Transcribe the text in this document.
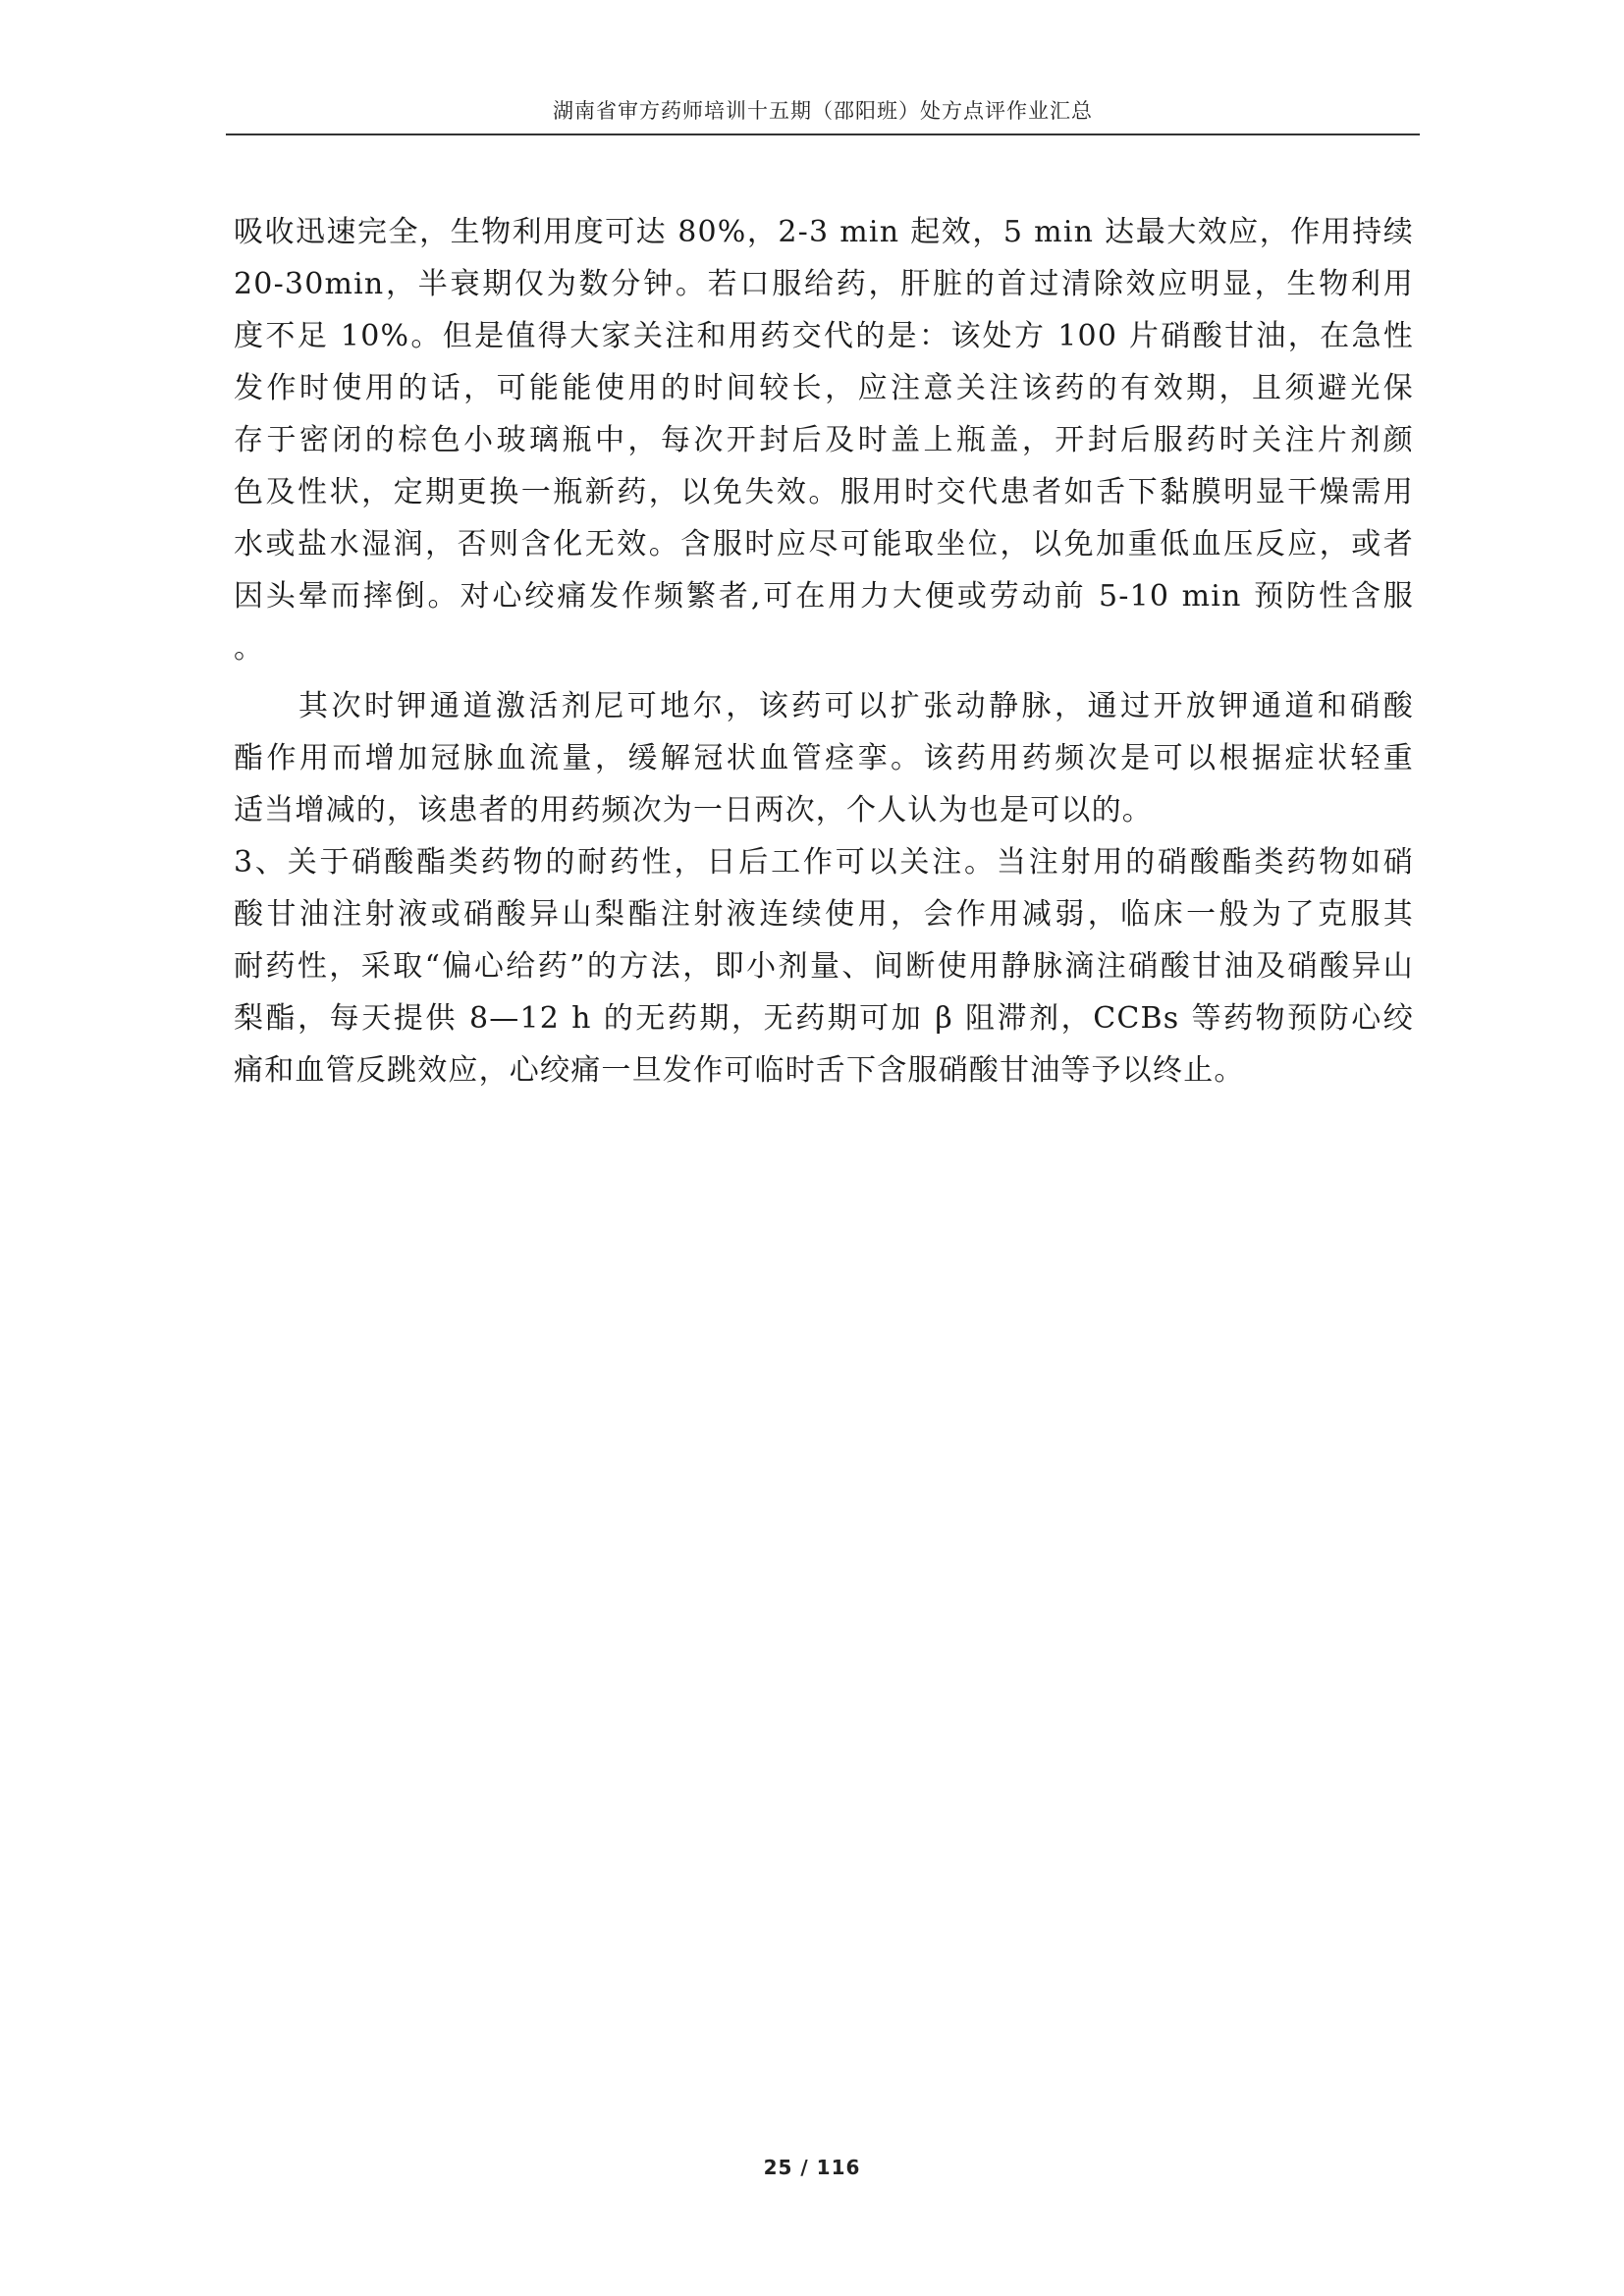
湖南省审方药师培训十五期（邵阳班）处方点评作业汇总
吸收迅速完全，生物利用度可达 80%，2-3 min 起效，5 min 达最大效应，作用持续
20-30min，半衰期仅为数分钟。若口服给药，肝脏的首过清除效应明显，生物利用
度不足 10%。但是值得大家关注和用药交代的是：该处方 100 片硝酸甘油，在急性
发作时使用的话，可能能使用的时间较长，应注意关注该药的有效期，且须避光保
存于密闭的棕色小玻璃瓶中，每次开封后及时盖上瓶盖，开封后服药时关注片剂颜
色及性状，定期更换一瓶新药，以免失效。服用时交代患者如舌下黏膜明显干燥需用
水或盐水湿润，否则含化无效。含服时应尽可能取坐位，以免加重低血压反应，或者
因头晕而摔倒。对心绞痛发作频繁者,可在用力大便或劳动前 5-10 min 预防性含服
。
其次时钾通道激活剂尼可地尔，该药可以扩张动静脉，通过开放钾通道和硝酸
酯作用而增加冠脉血流量，缓解冠状血管痉挛。该药用药频次是可以根据症状轻重
适当增减的，该患者的用药频次为一日两次，个人认为也是可以的。
3、关于硝酸酯类药物的耐药性，日后工作可以关注。当注射用的硝酸酯类药物如硝
酸甘油注射液或硝酸异山梨酯注射液连续使用，会作用减弱，临床一般为了克服其
耐药性，采取“偏心给药”的方法，即小剂量、间断使用静脉滴注硝酸甘油及硝酸异山
梨酯，每天提供 8—12 h 的无药期，无药期可加 β 阻滞剂，CCBs 等药物预防心绞
痛和血管反跳效应，心绞痛一旦发作可临时舌下含服硝酸甘油等予以终止。
25 / 116
